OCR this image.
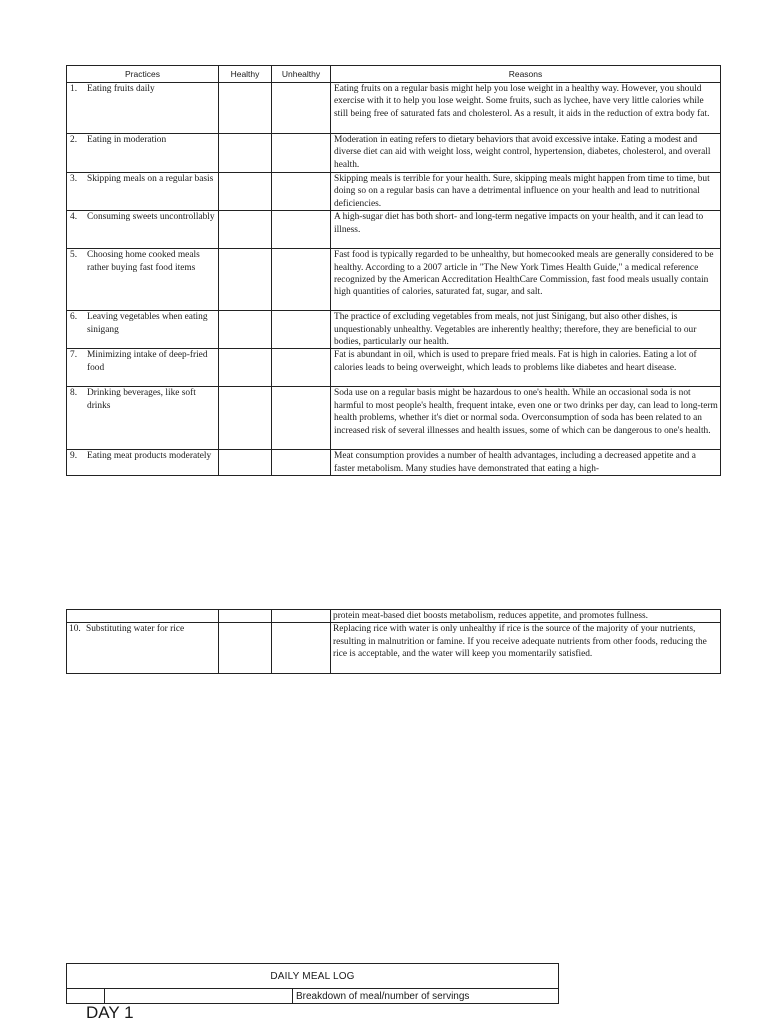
Practices	Healthy	Unhealthy	Reasons

1. Eating fruits daily			Eating fruits on a regular basis might help you lose weight in a healthy way. However, you should exercise with it to help you lose weight. Some fruits, such as lychee, have very little calories while still being free of saturated fats and cholesterol. As a result, it aids in the reduction of extra body fat.

2. Eating in moderation			Moderation in eating refers to dietary behaviors that avoid excessive intake. Eating a modest and diverse diet can aid with weight loss, weight control, hypertension, diabetes, cholesterol, and overall health.

3. Skipping meals on a regular basis			Skipping meals is terrible for your health. Sure, skipping meals might happen from time to time, but doing so on a regular basis can have a detrimental influence on your health and lead to nutritional deficiencies.

4. Consuming sweets uncontrollably			A high-sugar diet has both short- and long-term negative impacts on your health, and it can lead to illness.

5. Choosing home cooked meals rather buying fast food items			Fast food is typically regarded to be unhealthy, but homecooked meals are generally considered to be healthy. According to a 2007 article in "The New York Times Health Guide," a medical reference recognized by the American Accreditation HealthCare Commission, fast food meals usually contain high quantities of calories, saturated fat, sugar, and salt.

6. Leaving vegetables when eating sinigang			The practice of excluding vegetables from meals, not just Sinigang, but also other dishes, is unquestionably unhealthy. Vegetables are inherently healthy; therefore, they are beneficial to our bodies, particularly our health.

7. Minimizing intake of deep-fried food			Fat is abundant in oil, which is used to prepare fried meals. Fat is high in calories. Eating a lot of calories leads to being overweight, which leads to problems like diabetes and heart disease.

8. Drinking beverages, like soft drinks			Soda use on a regular basis might be hazardous to one's health. While an occasional soda is not harmful to most people's health, frequent intake, even one or two drinks per day, can lead to long-term health problems, whether it's diet or normal soda. Overconsumption of soda has been related to an increased risk of several illnesses and health issues, some of which can be dangerous to one's health.

9. Eating meat products moderately			Meat consumption provides a number of health advantages, including a decreased appetite and a faster metabolism. Many studies have demonstrated that eating a high-
			protein meat-based diet boosts metabolism, reduces appetite, and promotes fullness.

10. Substituting water for rice			Replacing rice with water is only unhealthy if rice is the source of the majority of your nutrients, resulting in malnutrition or famine. If you receive adequate nutrients from other foods, reducing the rice is acceptable, and the water will keep you momentarily satisfied.
DAILY MEAL LOG
		Breakdown of meal/number of servings
DAY 1
